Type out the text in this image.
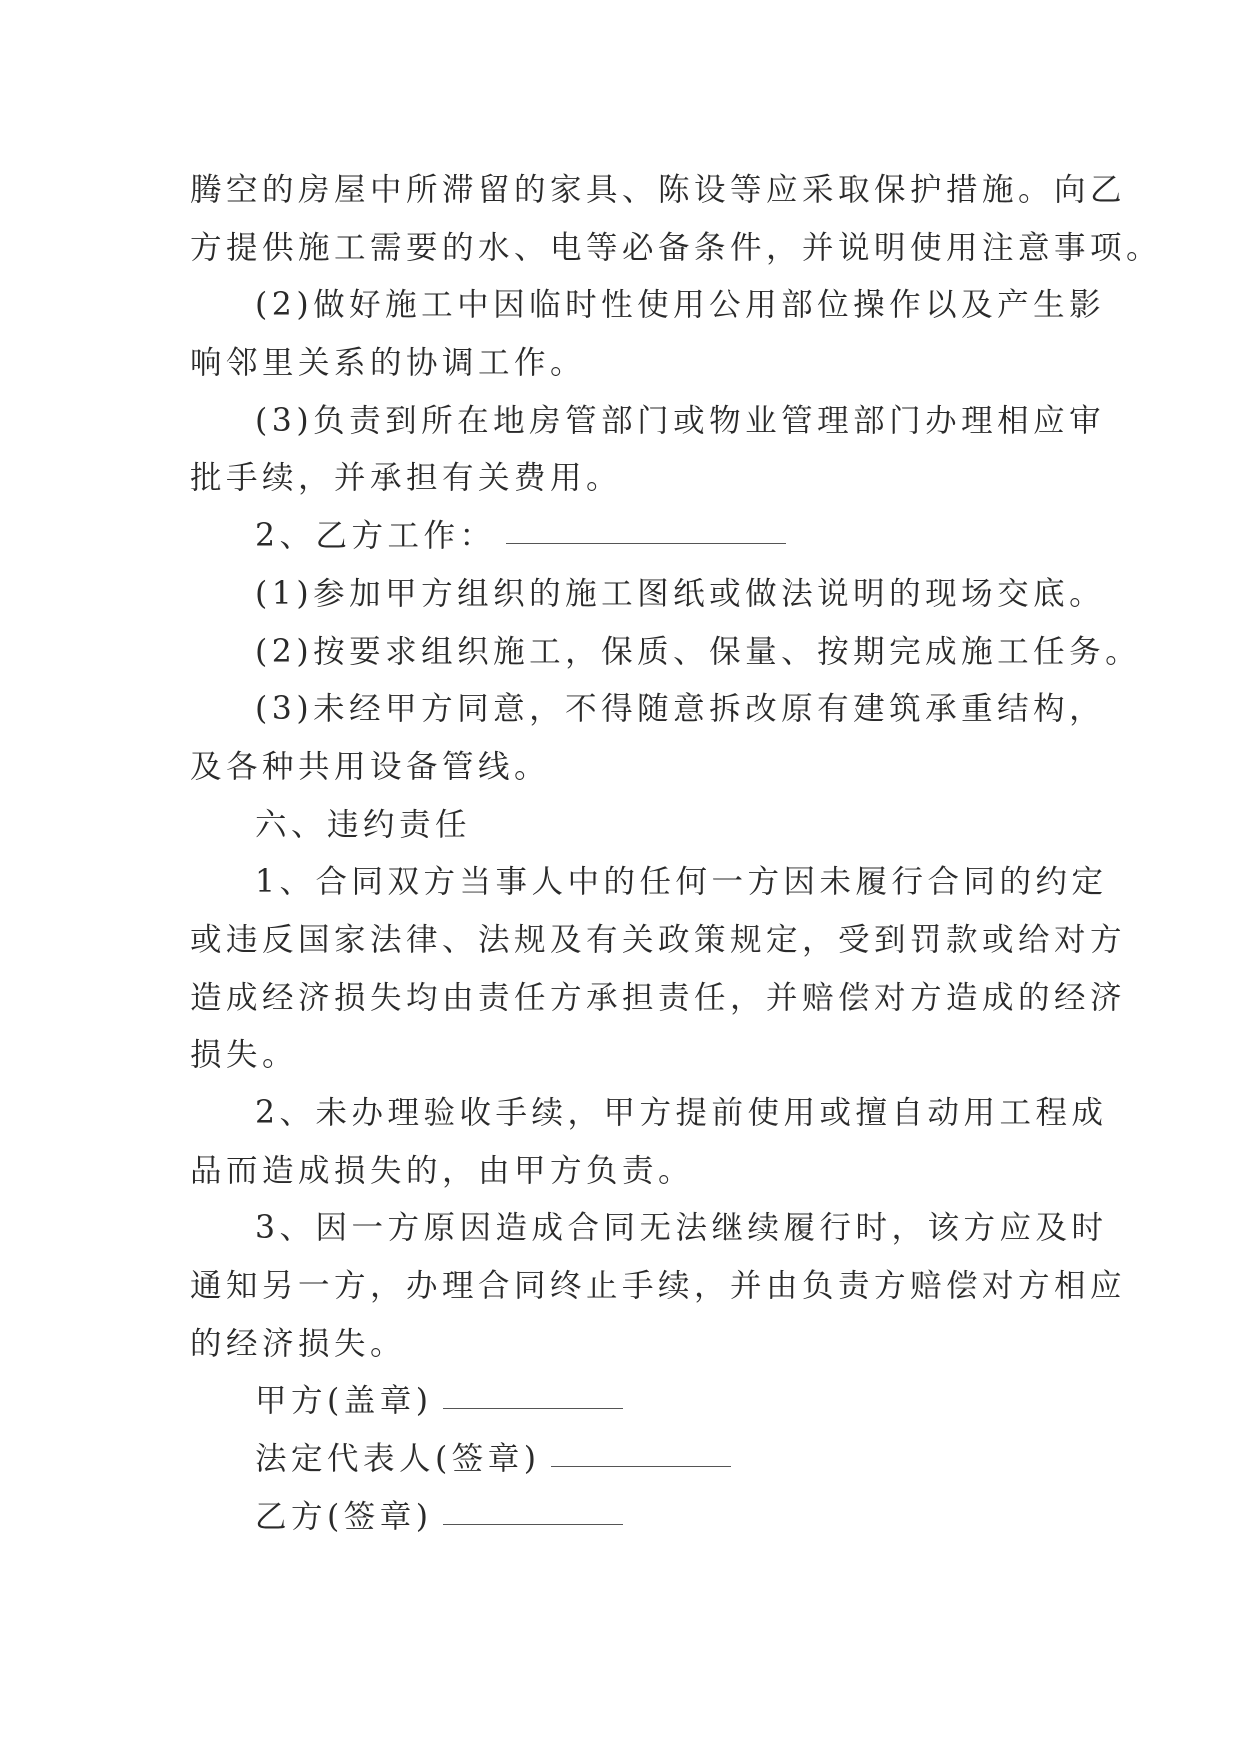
腾空的房屋中所滞留的家具、陈设等应采取保护措施。向乙
方提供施工需要的水、电等必备条件，并说明使用注意事项。
(2)做好施工中因临时性使用公用部位操作以及产生影
响邻里关系的协调工作。
(3)负责到所在地房管部门或物业管理部门办理相应审
批手续，并承担有关费用。
2、乙方工作：
(1)参加甲方组织的施工图纸或做法说明的现场交底。
(2)按要求组织施工，保质、保量、按期完成施工任务。
(3)未经甲方同意，不得随意拆改原有建筑承重结构，
及各种共用设备管线。
六、违约责任
1、合同双方当事人中的任何一方因未履行合同的约定
或违反国家法律、法规及有关政策规定，受到罚款或给对方
造成经济损失均由责任方承担责任，并赔偿对方造成的经济
损失。
2、未办理验收手续，甲方提前使用或擅自动用工程成
品而造成损失的，由甲方负责。
3、因一方原因造成合同无法继续履行时，该方应及时
通知另一方，办理合同终止手续，并由负责方赔偿对方相应
的经济损失。
甲方(盖章)
法定代表人(签章)
乙方(签章)
